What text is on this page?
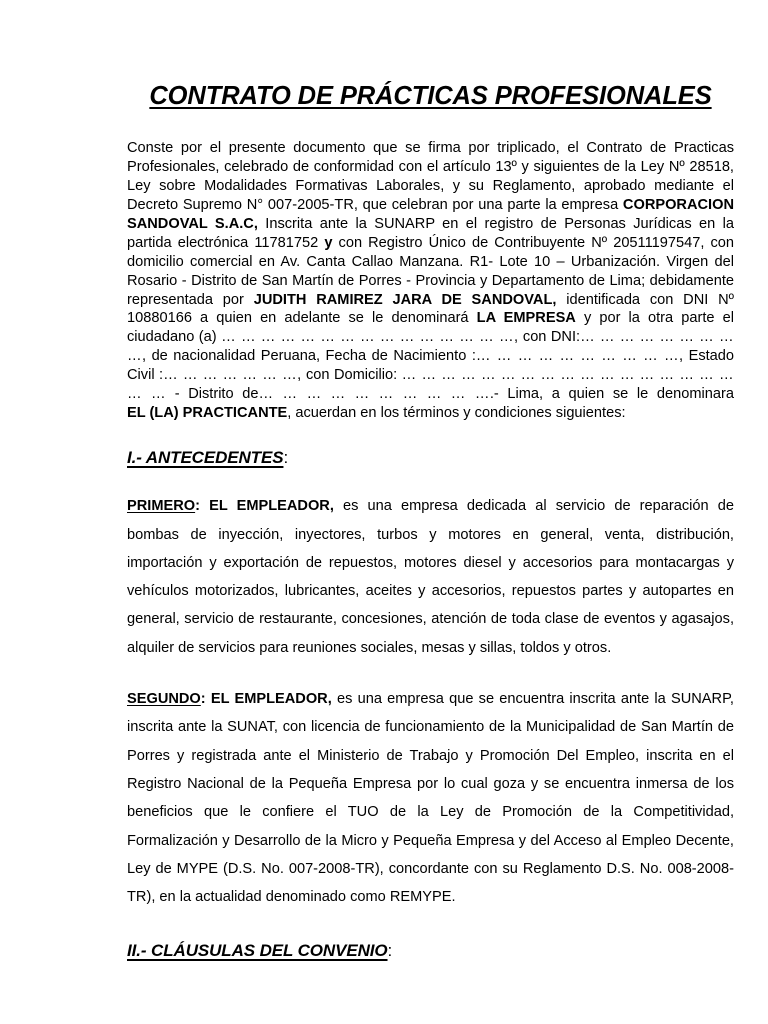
CONTRATO DE PRÁCTICAS PROFESIONALES

Conste por el presente documento que se firma por triplicado, el Contrato de Practicas Profesionales, celebrado de conformidad con el artículo 13º y siguientes de la Ley Nº 28518, Ley sobre Modalidades Formativas Laborales, y su Reglamento, aprobado mediante el Decreto Supremo N° 007-2005-TR, que celebran por una parte la empresa CORPORACION SANDOVAL S.A.C, Inscrita ante la SUNARP en el registro de Personas Jurídicas en la partida electrónica 11781752 y con Registro Único de Contribuyente Nº 20511197547, con domicilio comercial en Av. Canta Callao Manzana. R1- Lote 10 – Urbanización. Virgen del Rosario - Distrito de San Martín de Porres - Provincia y Departamento de Lima; debidamente representada por JUDITH RAMIREZ JARA DE SANDOVAL, identificada con DNI Nº 10880166 a quien en adelante se le denominará LA EMPRESA y por la otra parte el ciudadano (a) … … … … … … … … … … … … … … …, con DNI:… … … … … … … … …, de nacionalidad Peruana, Fecha de Nacimiento :… … … … … … … … … …, Estado Civil :… … … … … … …, con Domicilio: … … … … … … … … … … … … … … … … … … … - Distrito de… … … … … … … … … ….- Lima, a quien se le denominara EL (LA) PRACTICANTE, acuerdan en los términos y condiciones siguientes:

I.- ANTECEDENTES:

PRIMERO: EL EMPLEADOR, es una empresa dedicada al servicio de reparación de bombas de inyección, inyectores, turbos y motores en general, venta, distribución, importación y exportación de repuestos, motores diesel y accesorios para montacargas y vehículos motorizados, lubricantes, aceites y accesorios, repuestos partes y autopartes en general, servicio de restaurante, concesiones, atención de toda clase de eventos y agasajos, alquiler de servicios para reuniones sociales, mesas y sillas, toldos y otros.

SEGUNDO: EL EMPLEADOR, es una empresa que se encuentra inscrita ante la SUNARP, inscrita ante la SUNAT, con licencia de funcionamiento de la Municipalidad de San Martín de Porres y registrada ante el Ministerio de Trabajo y Promoción Del Empleo, inscrita en el Registro Nacional de la Pequeña Empresa por lo cual goza y se encuentra inmersa de los beneficios que le confiere el TUO de la Ley de Promoción de la Competitividad, Formalización y Desarrollo de la Micro y Pequeña Empresa y del Acceso al Empleo Decente, Ley de MYPE (D.S. No. 007-2008-TR), concordante con su Reglamento D.S. No. 008-2008-TR), en la actualidad denominado como REMYPE.

II.- CLÁUSULAS DEL CONVENIO:
